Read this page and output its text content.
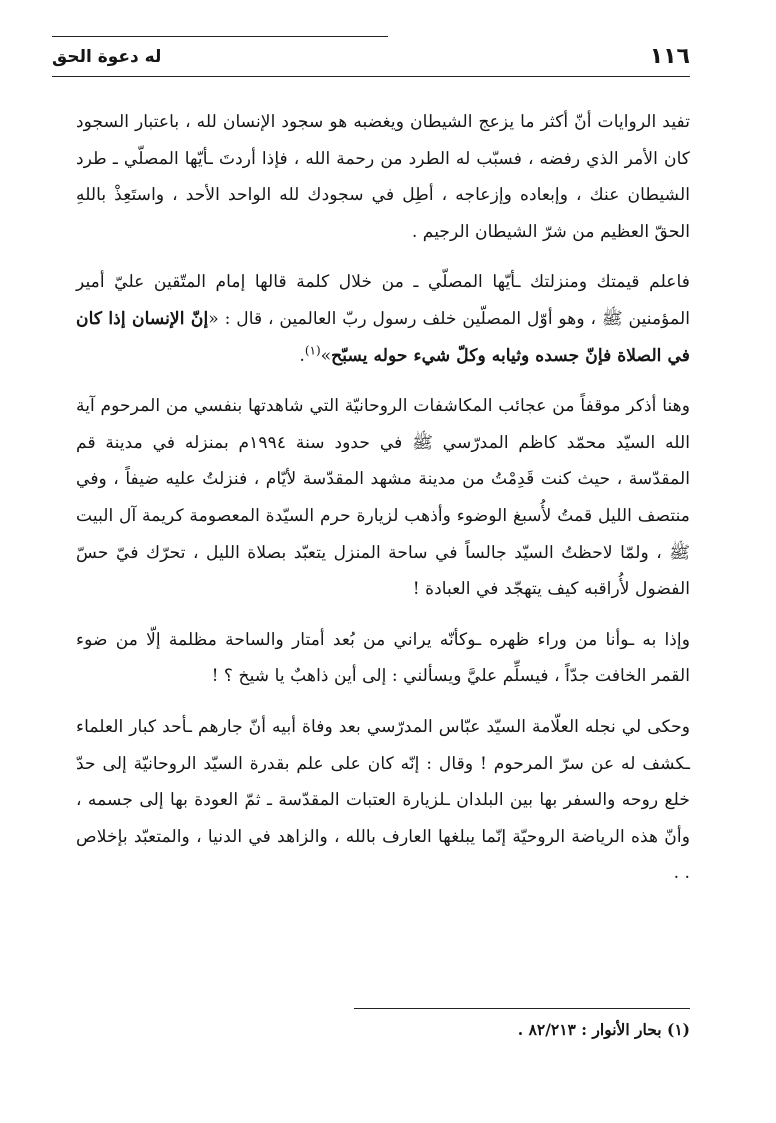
١١٦
له دعوة الحق

تفيد الروايات أنّ أكثر ما يزعج الشيطان ويغضبه هو سجود الإنسان لله ، باعتبار السجود كان الأمر الذي رفضه ، فسبّب له الطرد من رحمة الله ، فإذا أردتَ ـأيّها المصلّي ـ طرد الشيطان عنك ، وإبعاده وإزعاجه ، أطِل في سجودك لله الواحد الأحد ، واستَعِذْ باللهِ الحقّ العظيم من شرّ الشيطان الرجيم .

فاعلم قيمتك ومنزلتك ـأيّها المصلّي ـ من خلال كلمة قالها إمام المتّقين عليّ أمير المؤمنين ﷺ ، وهو أوّل المصلّين خلف رسول ربّ العالمين ، قال : «إنّ الإنسان إذا كان في الصلاة فإنّ جسده وثيابه وكلّ شيء حوله يسبّح»$^{(١)}$.

وهنا أذكر موقفاً من عجائب المكاشفات الروحانيّة التي شاهدتها بنفسي من المرحوم آية الله السيّد محمّد كاظم المدرّسي ﷺ في حدود سنة ١٩٩٤م بمنزله في مدينة قم المقدّسة ، حيث كنت قَدِمْتُ من مدينة مشهد المقدّسة لأيّام ، فنزلتُ عليه ضيفاً ، وفي منتصف الليل قمتُ لأُسبغ الوضوء وأذهب لزيارة حرم السيّدة المعصومة كريمة آل البيت ﷺ ، ولمّا لاحظتُ السيّد جالساً في ساحة المنزل يتعبّد بصلاة الليل ، تحرّك فيّ حسّ الفضول لأُراقبه كيف يتهجّد في العبادة !

وإذا به ـوأنا من وراء ظهره ـوكأنّه يراني من بُعد أمتار والساحة مظلمة إلّا من ضوء القمر الخافت جدّاً ، فيسلِّم عليَّ ويسألني : إلى أين ذاهبٌ يا شيخ ؟ !

وحكى لي نجله العلّامة السيّد عبّاس المدرّسي بعد وفاة أبيه أنّ جارهم ـأحد كبار العلماء ـكشف له عن سرّ المرحوم ! وقال : إنّه كان على علم بقدرة السيّد الروحانيّة إلى حدّ خلع روحه والسفر بها بين البلدان ـلزيارة العتبات المقدّسة ـ ثمّ العودة بها إلى جسمه ، وأنّ هذه الرياضة الروحيّة إنّما يبلغها العارف بالله ، والزاهد في الدنيا ، والمتعبّد بإخلاص . .

(١) بحار الأنوار : ٨٢/٢١٣ .
